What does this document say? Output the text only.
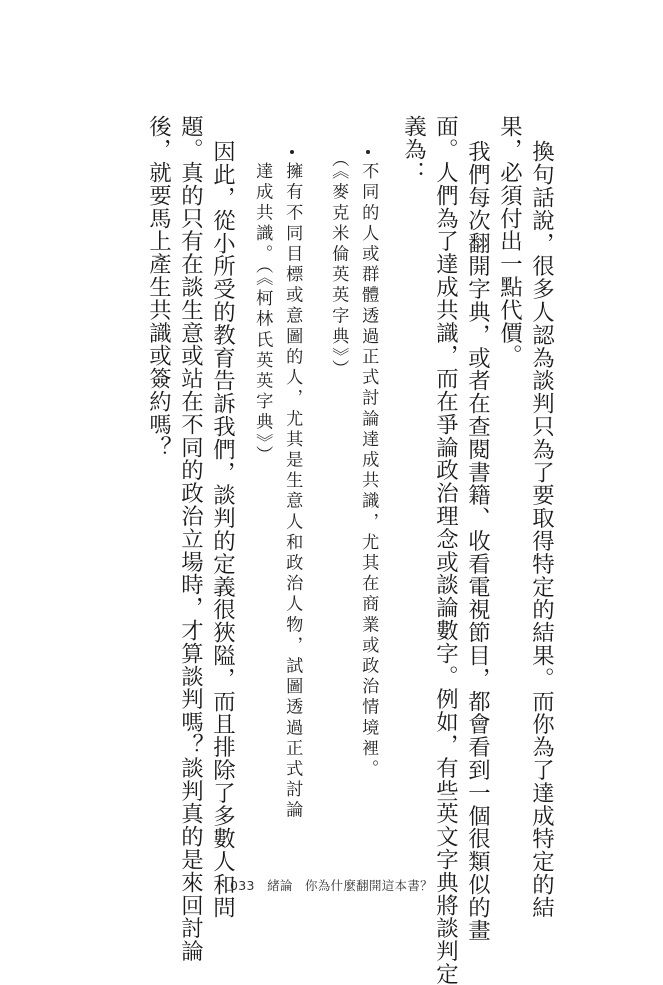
換句話說，很多人認為談判只為了要取得特定的結果。而你為了達成特定的結
果，必須付出一點代價。
我們每次翻開字典，或者在查閱書籍、收看電視節目，都會看到一個很類似的畫
面。人們為了達成共識，而在爭論政治理念或談論數字。例如，有些英文字典將談判定
義為：
不同的人或群體透過正式討論達成共識，尤其在商業或政治情境裡。
（《麥克米倫英英字典》）
擁有不同目標或意圖的人，尤其是生意人和政治人物，試圖透過正式討論
達成共識。（《柯林氏英英字典》）
因此，從小所受的教育告訴我們，談判的定義很狹隘，而且排除了多數人和問
題。真的只有在談生意或站在不同的政治立場時，才算談判嗎？談判真的是來回討論
後，就要馬上產生共識或簽約嗎？
033 緒論 你為什麼翻開這本書？
